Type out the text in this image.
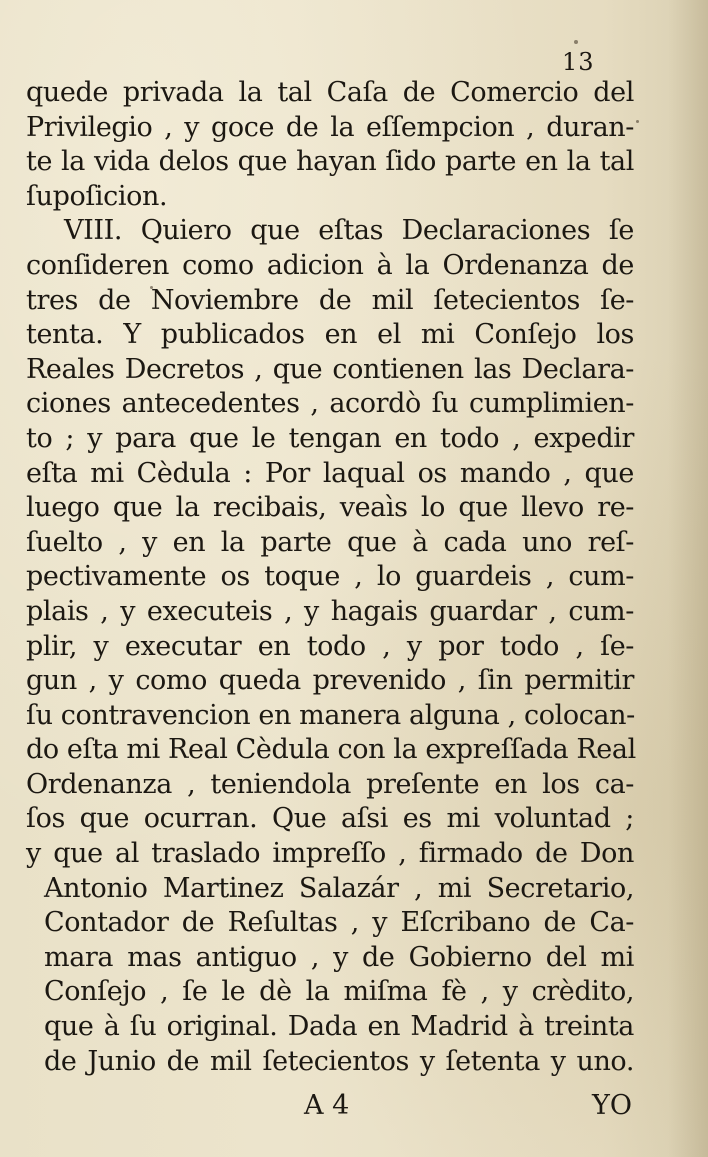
13
quede privada la tal Caſa de Comercio del
Privilegio , y goce de la eſſempcion , duran-
te la vida delos que hayan ſido parte en la tal
ſupoſicion.
VIII. Quiero que eſtas Declaraciones ſe
conſideren como adicion à la Ordenanza de
tres de Noviembre de mil ſetecientos ſe-
tenta. Y publicados en el mi Conſejo los
Reales Decretos , que contienen las Declara-
ciones antecedentes , acordò ſu cumplimien-
to ; y para que le tengan en todo , expedir
eſta mi Cèdula : Por laqual os mando , que
luego que la recibais, veaìs lo que llevo re-
ſuelto , y en la parte que à cada uno reſ-
pectivamente os toque , lo guardeis , cum-
plais , y executeis , y hagais guardar , cum-
plir, y executar en todo , y por todo , ſe-
gun , y como queda prevenido , ſin permitir
ſu contravencion en manera alguna , colocan-
do eſta mi Real Cèdula con la expreſſada Real
Ordenanza , teniendola preſente en los ca-
ſos que ocurran. Que aſsi es mi voluntad ;
y que al traslado impreſſo , firmado de Don
Antonio Martinez Salazár , mi Secretario,
Contador de Reſultas , y Eſcribano de Ca-
mara mas antiguo , y de Gobierno del mi
Conſejo , ſe le dè la miſma fè , y crèdito,
que à ſu original. Dada en Madrid à treinta
de Junio de mil ſetecientos y ſetenta y uno.
A 4	YO
